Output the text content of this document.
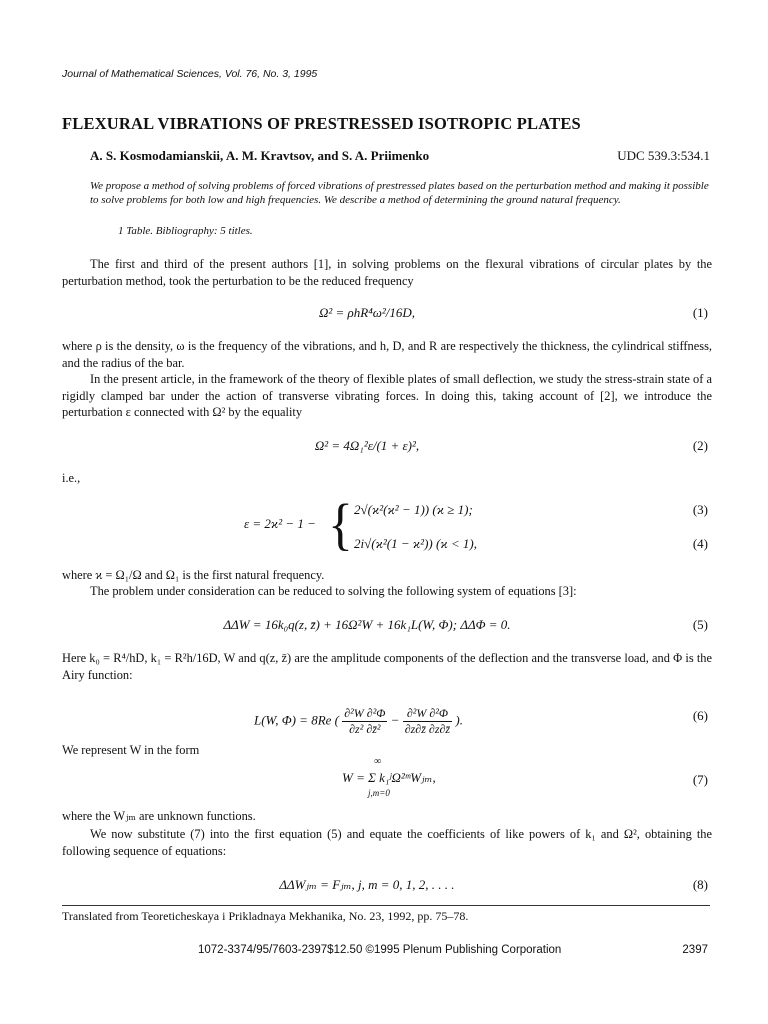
Journal of Mathematical Sciences, Vol. 76, No. 3, 1995
FLEXURAL VIBRATIONS OF PRESTRESSED ISOTROPIC PLATES
A. S. Kosmodamianskii, A. M. Kravtsov, and S. A. Priimenko	UDC 539.3:534.1
We propose a method of solving problems of forced vibrations of prestressed plates based on the perturbation method and making it possible to solve problems for both low and high frequencies. We describe a method of determining the ground natural frequency.
1 Table. Bibliography: 5 titles.
The first and third of the present authors [1], in solving problems on the flexural vibrations of circular plates by the perturbation method, took the perturbation to be the reduced frequency
Ω² = ρhR⁴ω²/16D,	(1)
where ρ is the density, ω is the frequency of the vibrations, and h, D, and R are respectively the thickness, the cylindrical stiffness, and the radius of the bar.
In the present article, in the framework of the theory of flexible plates of small deflection, we study the stress-strain state of a rigidly clamped bar under the action of transverse vibrating forces. In doing this, taking account of [2], we introduce the perturbation ε connected with Ω² by the equality
Ω² = 4Ω₁²ε/(1 + ε)²,	(2)
i.e.,
ε = 2ϰ² − 1 − { 2√(ϰ²(ϰ² − 1)) (ϰ ≥ 1);
2i√(ϰ²(1 − ϰ²)) (ϰ < 1),
(3)
(4)
where ϰ = Ω₁/Ω and Ω₁ is the first natural frequency.
The problem under consideration can be reduced to solving the following system of equations [3]:
ΔΔW = 16k₀q(z, z̄) + 16Ω²W + 16k₁L(W, Φ); ΔΔΦ = 0.	(5)
Here k₀ = R⁴/hD, k₁ = R²h/16D, W and q(z, z̄) are the amplitude components of the deflection and the transverse load, and Φ is the Airy function:
L(W, Φ) = 8Re ( $\frac{\text{∂²W ∂²Φ}}{\text{∂z² ∂z̄²}} - \frac{\text{∂²W ∂²Φ}}{\partial z\partial z̄ \partial z\partial z̄}$ ).	(6)
We represent W in the form
∞
W = Σ k₁ʲΩ²ᵐWⱼₘ,
j,m=0
(7)
where the Wⱼₘ are unknown functions.
We now substitute (7) into the first equation (5) and equate the coefficients of like powers of k₁ and Ω², obtaining the following sequence of equations:
ΔΔWⱼₘ = Fⱼₘ, j, m = 0, 1, 2, . . . .	(8)
Translated from Teoreticheskaya i Prikladnaya Mekhanika, No. 23, 1992, pp. 75–78.
1072-3374/95/7603-2397$12.50 ©1995 Plenum Publishing Corporation	2397
